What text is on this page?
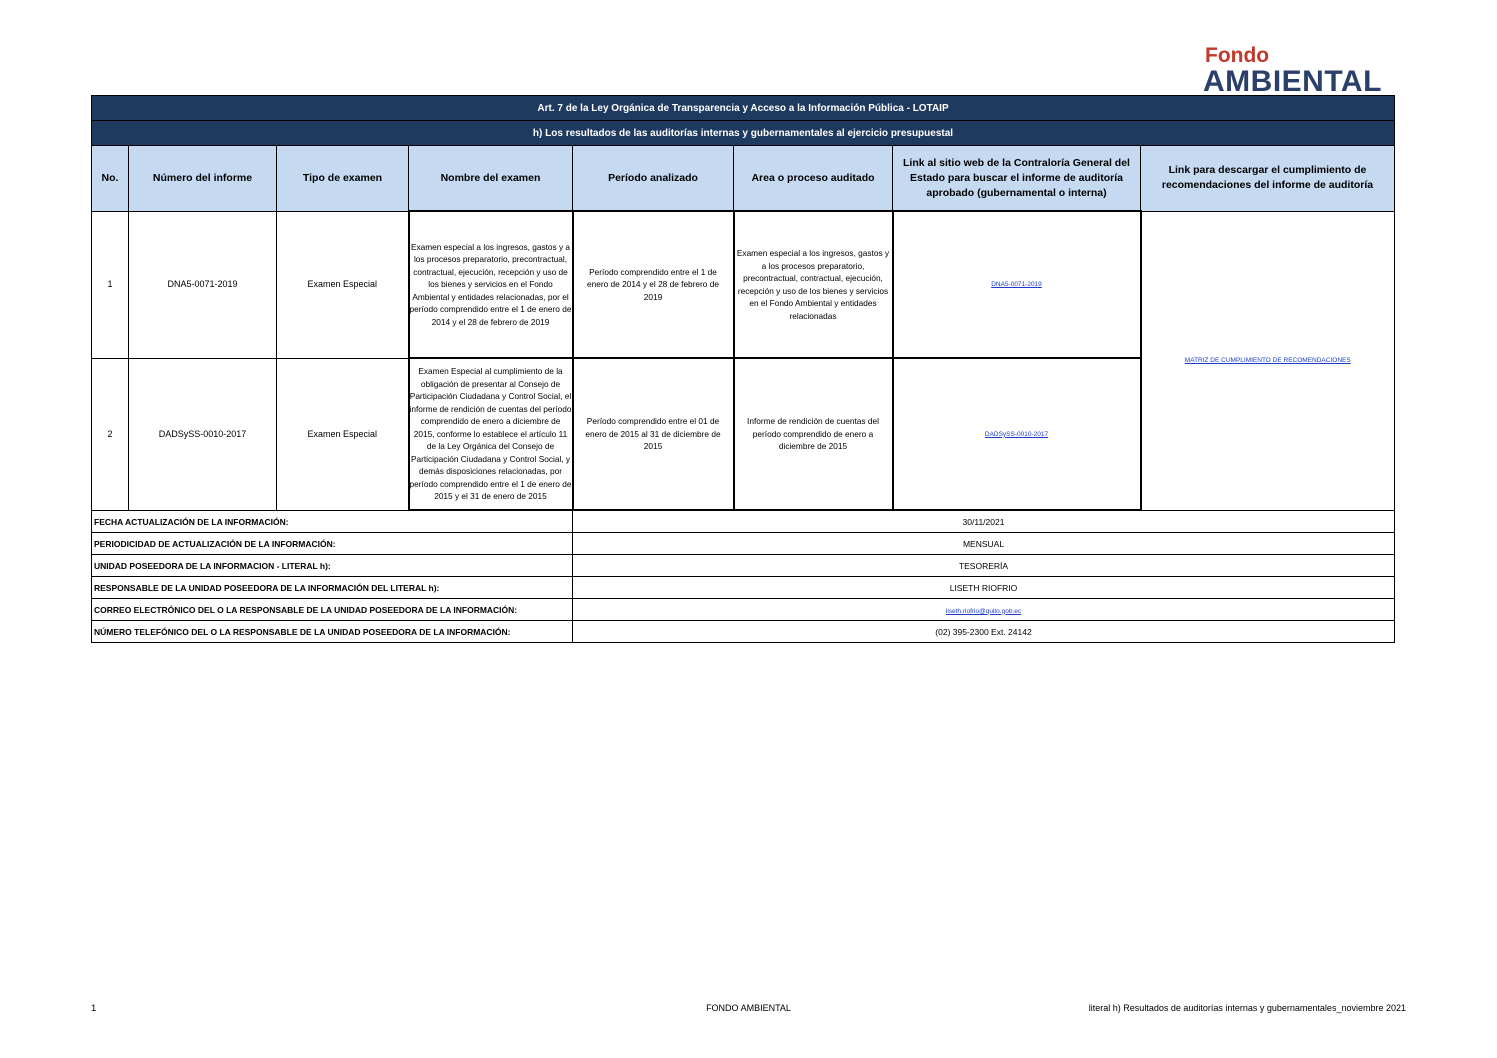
Fondo
AMBIENTAL
Art. 7 de la Ley Orgánica de Transparencia y Acceso a la Información Pública - LOTAIP							
h) Los resultados de las auditorías internas y gubernamentales al ejercicio presupuestal							
No.	Número del informe	Tipo de examen	Nombre del examen	Período analizado	Area o proceso auditado	Link al sitio web de la Contraloría General del Estado para buscar el informe de auditoría aprobado (gubernamental o interna)	Link para descargar el cumplimiento de recomendaciones del informe de auditoría
1	DNA5-0071-2019	Examen Especial	Examen especial a los ingresos, gastos y a los procesos preparatorio, precontractual, contractual, ejecución, recepción y uso de los bienes y servicios en el Fondo Ambiental y entidades relacionadas, por el período comprendido entre el 1 de enero de 2014 y el 28 de febrero de 2019	Período comprendido entre el 1 de enero de 2014 y el 28 de febrero de 2019	Examen especial a los ingresos, gastos y a los procesos preparatorio, precontractual, contractual, ejecución, recepción y uso de los bienes y servicios en el Fondo Ambiental y entidades relacionadas	DNA5-0071-2019	MATRIZ DE CUMPLIMIENTO DE RECOMENDACIONES
2	DADSySS-0010-2017	Examen Especial	Examen Especial al cumplimiento de la obligación de presentar al Consejo de Participación Ciudadana y Control Social, el informe de rendición de cuentas del período comprendido de enero a diciembre de 2015, conforme lo establece el artículo 11 de la Ley Orgánica del Consejo de Participación Ciudadana y Control Social, y demás disposiciones relacionadas, por período comprendido entre el 1 de enero de 2015 y el 31 de enero de 2015	Período comprendido entre el 01 de enero de 2015 al 31 de diciembre de 2015	Informe de rendición de cuentas del período comprendido de enero a diciembre de 2015	DADSySS-0010-2017	
FECHA ACTUALIZACIÓN DE LA INFORMACIÓN:				30/11/2021			
PERIODICIDAD DE ACTUALIZACIÓN DE LA INFORMACIÓN:				MENSUAL			
UNIDAD POSEEDORA DE LA INFORMACION - LITERAL h):				TESORERÍA			
RESPONSABLE DE LA UNIDAD POSEEDORA DE LA INFORMACIÓN DEL LITERAL h):				LISETH RIOFRIO			
CORREO ELECTRÓNICO DEL O LA RESPONSABLE DE LA UNIDAD POSEEDORA DE LA INFORMACIÓN:				liseth.riofrio@quito.gob.ec			
NÚMERO TELEFÓNICO DEL O LA RESPONSABLE DE LA UNIDAD POSEEDORA DE LA INFORMACIÓN:				(02) 395-2300 Ext. 24142			
1	FONDO AMBIENTAL	literal h) Resultados de auditorías internas y gubernamentales_noviembre 2021
